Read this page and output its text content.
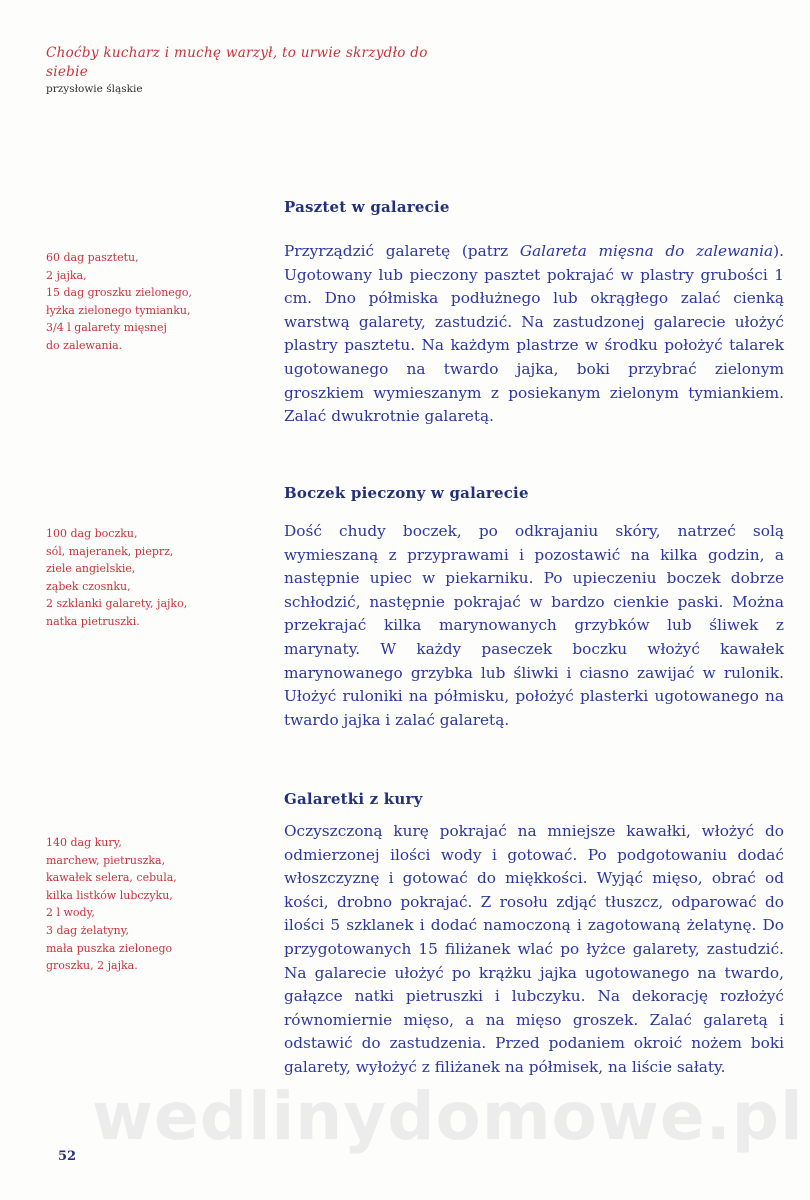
wedlinydomowe.pl
Choćby kucharz i muchę warzył, to urwie skrzydło do siebie
przysłowie śląskie
Pasztet w galarecie
60 dag pasztetu,
2 jajka,
15 dag groszku zielonego,
łyżka zielonego tymianku,
3/4 l galarety mięsnej
do zalewania.
Przyrządzić galaretę (patrz Galareta mięsna do zalewania). Ugotowany lub pieczony pasztet pokrajać w plastry grubości 1 cm. Dno półmiska podłużnego lub okrągłego zalać cienką warstwą galarety, zastudzić. Na zastudzonej galarecie ułożyć plastry pasztetu. Na każdym plastrze w środku położyć talarek ugotowanego na twardo jajka, boki przybrać zielonym groszkiem wymieszanym z posiekanym zielonym tymiankiem. Zalać dwukrotnie galaretą.
Boczek pieczony w galarecie
100 dag boczku,
sól, majeranek, pieprz,
ziele angielskie,
ząbek czosnku,
2 szklanki galarety, jajko,
natka pietruszki.
Dość chudy boczek, po odkrajaniu skóry, natrzeć solą wymieszaną z przyprawami i pozostawić na kilka godzin, a następnie upiec w piekarniku. Po upieczeniu boczek dobrze schłodzić, następnie pokrajać w bardzo cienkie paski. Można przekrajać kilka marynowanych grzybków lub śliwek z marynaty. W każdy paseczek boczku włożyć kawałek marynowanego grzybka lub śliwki i ciasno zawijać w rulonik. Ułożyć ruloniki na półmisku, położyć plasterki ugotowanego na twardo jajka i zalać galaretą.
Galaretki z kury
140 dag kury,
marchew, pietruszka,
kawałek selera, cebula,
kilka listków lubczyku,
2 l wody,
3 dag żelatyny,
mała puszka zielonego
groszku, 2 jajka.
Oczyszczoną kurę pokrajać na mniejsze kawałki, włożyć do odmierzonej ilości wody i gotować. Po podgotowaniu dodać włoszczyznę i gotować do miękkości. Wyjąć mięso, obrać od kości, drobno pokrajać. Z rosołu zdjąć tłuszcz, odparować do ilości 5 szklanek i dodać namoczoną i zagotowaną żelatynę. Do przygotowanych 15 filiżanek wlać po łyżce galarety, zastudzić. Na galarecie ułożyć po krążku jajka ugotowanego na twardo, gałązce natki pietruszki i lubczyku. Na dekorację rozłożyć równomiernie mięso, a na mięso groszek. Zalać galaretą i odstawić do zastudzenia. Przed podaniem okroić nożem boki galarety, wyłożyć z filiżanek na półmisek, na liście sałaty.
52
